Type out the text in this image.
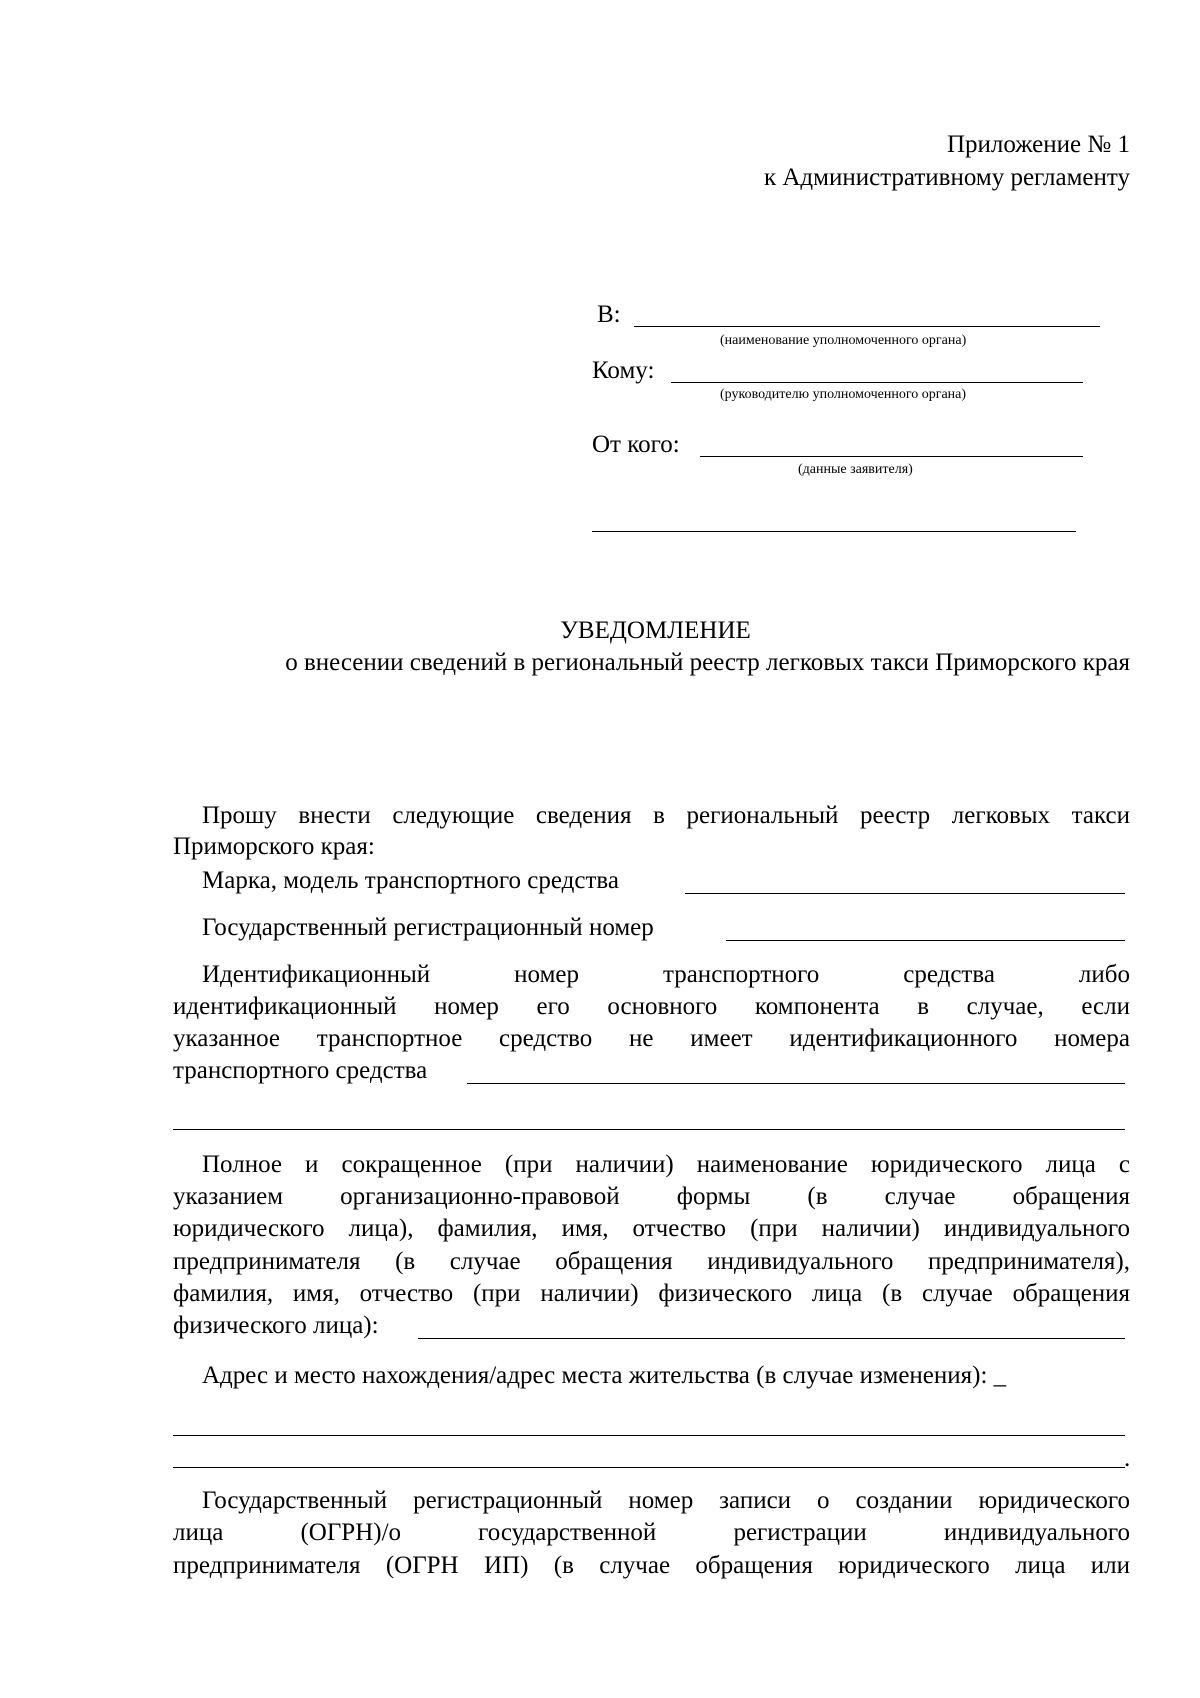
Приложение № 1
к Административному регламенту
В:
(наименование уполномоченного органа)
Кому:
(руководителю уполномоченного органа)
От кого:
(данные заявителя)
УВЕДОМЛЕНИЕ
о внесении сведений в региональный реестр легковых такси Приморского края
Прошу внести следующие сведения в региональный реестр легковых такси
Приморского края:
Марка, модель транспортного средства
Государственный регистрационный номер
Идентификационный номер транспортного средства либо
идентификационный номер его основного компонента в случае, если
указанное транспортное средство не имеет идентификационного номера
транспортного средства
Полное и сокращенное (при наличии) наименование юридического лица с
указанием организационно-правовой формы (в случае обращения
юридического лица), фамилия, имя, отчество (при наличии) индивидуального
предпринимателя (в случае обращения индивидуального предпринимателя),
фамилия, имя, отчество (при наличии) физического лица (в случае обращения
физического лица):
Адрес и место нахождения/адрес места жительства (в случае изменения): _
.
Государственный регистрационный номер записи о создании юридического
лица (ОГРН)/о государственной регистрации индивидуального
предпринимателя (ОГРН ИП) (в случае обращения юридического лица или
